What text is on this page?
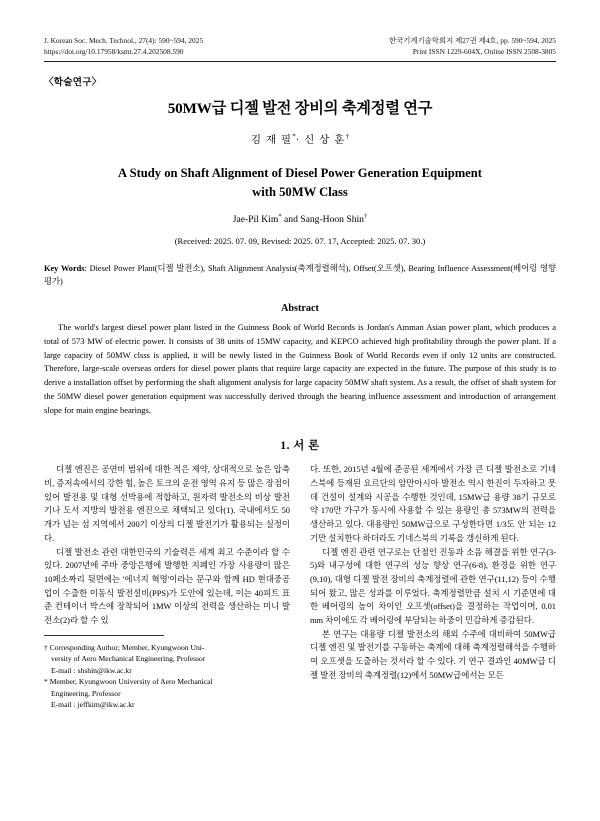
J. Korean Soc. Mech. Technol., 27(4): 590~594, 2025
https://doi.org/10.17958/ksmt.27.4.202508.590
한국기계기술학회지 제27권 제4호, pp. 590~594, 2025
Print ISSN 1229-604X, Online ISSN 2508-3805
〈학술연구〉
50MW급 디젤 발전 장비의 축계정렬 연구
김 재 필*· 신 상 훈†
A Study on Shaft Alignment of Diesel Power Generation Equipment
with 50MW Class
Jae-Pil Kim* and Sang-Hoon Shin†
(Received: 2025. 07. 09, Revised: 2025. 07. 17, Accepted: 2025. 07. 30.)
Key Words: Diesel Power Plant(디젤 발전소), Shaft Alignment Analysis(축계정렬해석), Offset(오프셋), Bearing Influence Assessment(베어링 영향 평가)
Abstract
The world's largest diesel power plant listed in the Guinness Book of World Records is Jordan's Amman Asian power plant, which produces a total of 573 MW of electric power. It consists of 38 units of 15MW capacity, and KEPCO achieved high profitability through the power plant. If a large capacity of 50MW clsss is applied, it will be newly listed in the Guinness Book of World Records even if only 12 units are constructed. Therefore, large-scale overseas orders for diesel power plants that require large capacity are expected in the future. The purpose of this study is to derive a installation offset by performing the shaft alignment analysis for large capacity 50MW shaft system. As a result, the offset of shaft system for the 50MW diesel power generation equipment was successfully derived through the bearing influence assessment and introduction of arrangement slope for main engine bearings.
1. 서 론

디젤 엔진은 공연비 범위에 대한 적은 제약, 상대적으로 높은 압축비, 증저속에서의 강한 힘, 높은 토크의 운전 영역 유지 등 많은 장점이 있어 발전용 및 대형 선박용에 적합하고, 원자력 발전소의 비상 발전기나 도서 지방의 발전용 엔진으로 채택되고 있다(1). 국내에서도 50개가 넘는 섬 지역에서 200기 이상의 디젤 발전기가 활용되는 실정이다.

디젤 발전소 관련 대한민국의 기술력은 세계 최고 수준이라 할 수 있다. 2007년에 주바 중앙은행에 발행한 지폐인 가장 사용량이 많은 10페소짜리 뒷면에는 '에너지 혁명'이라는 문구와 함께 HD 현대중공업이 수출한 이동식 발전설비(PPS)가 도안에 있는데, 이는 40피트 표준 컨테이너 박스에 장착되어 1MW 이상의 전력을 생산하는 미니 발전소(2)라 할 수 있

† Corresponding Author; Member, Kyungwoon Uni-

versity of Aero Mechanical Engineering, Professor

E-mail : shshin@ikw.ac.kr

* Member, Kyungwoon University of Aero Mechanical

Engineering, Professor

E-mail : jeffkim@ikw.ac.kr

다. 또한, 2015년 4월에 준공된 세계에서 가장 큰 디젤 발전소로 기네스북에 등재된 요르단의 암만아시아 발전소 역시 한진이 두자하고 뭇데 건설이 설계와 시공을 수행한 것인데, 15MW급 용량 38기 규모로 약 170만 가구가 동시에 사용할 수 있는 용량인 총 573MW의 전력을 생산하고 있다. 대용량인 50MW급으로 구성한다면 1/3도 안 되는 12기만 설치한다 하더라도 기네스북의 기록을 갱신하게 된다.

디젤 엔진 관련 연구로는 단점인 진동과 소음 해결을 위한 연구(3-5)와 내구성에 대한 연구의 성능 향상 연구(6-8), 환경을 위한 연구(9,10), 대형 디젤 발전 장비의 축계정렬에 관한 연구(11,12) 등이 수행되어 왔고, 많은 성과를 이루었다. 축계정렬만큼 설치 시 기준면에 대한 베어링의 높이 차이인 오프셋(offset)을 결정하는 작업이며, 0.01 mm 차이에도 각 베어링에 부담되는 하중이 민감하게 증감된다.

본 연구는 대용량 디젤 발전소의 해외 수주에 대비하여 50MW급 디젤 엔진 및 발전기를 구동하는 축계에 대해 축계정렬해석을 수행하여 오프셋을 도출하는 것서라 할 수 있다. 기 연구 결과인 40MW급 디젤 발전 장비의 축계정렬(12)에서 50MW급에서는 모든
